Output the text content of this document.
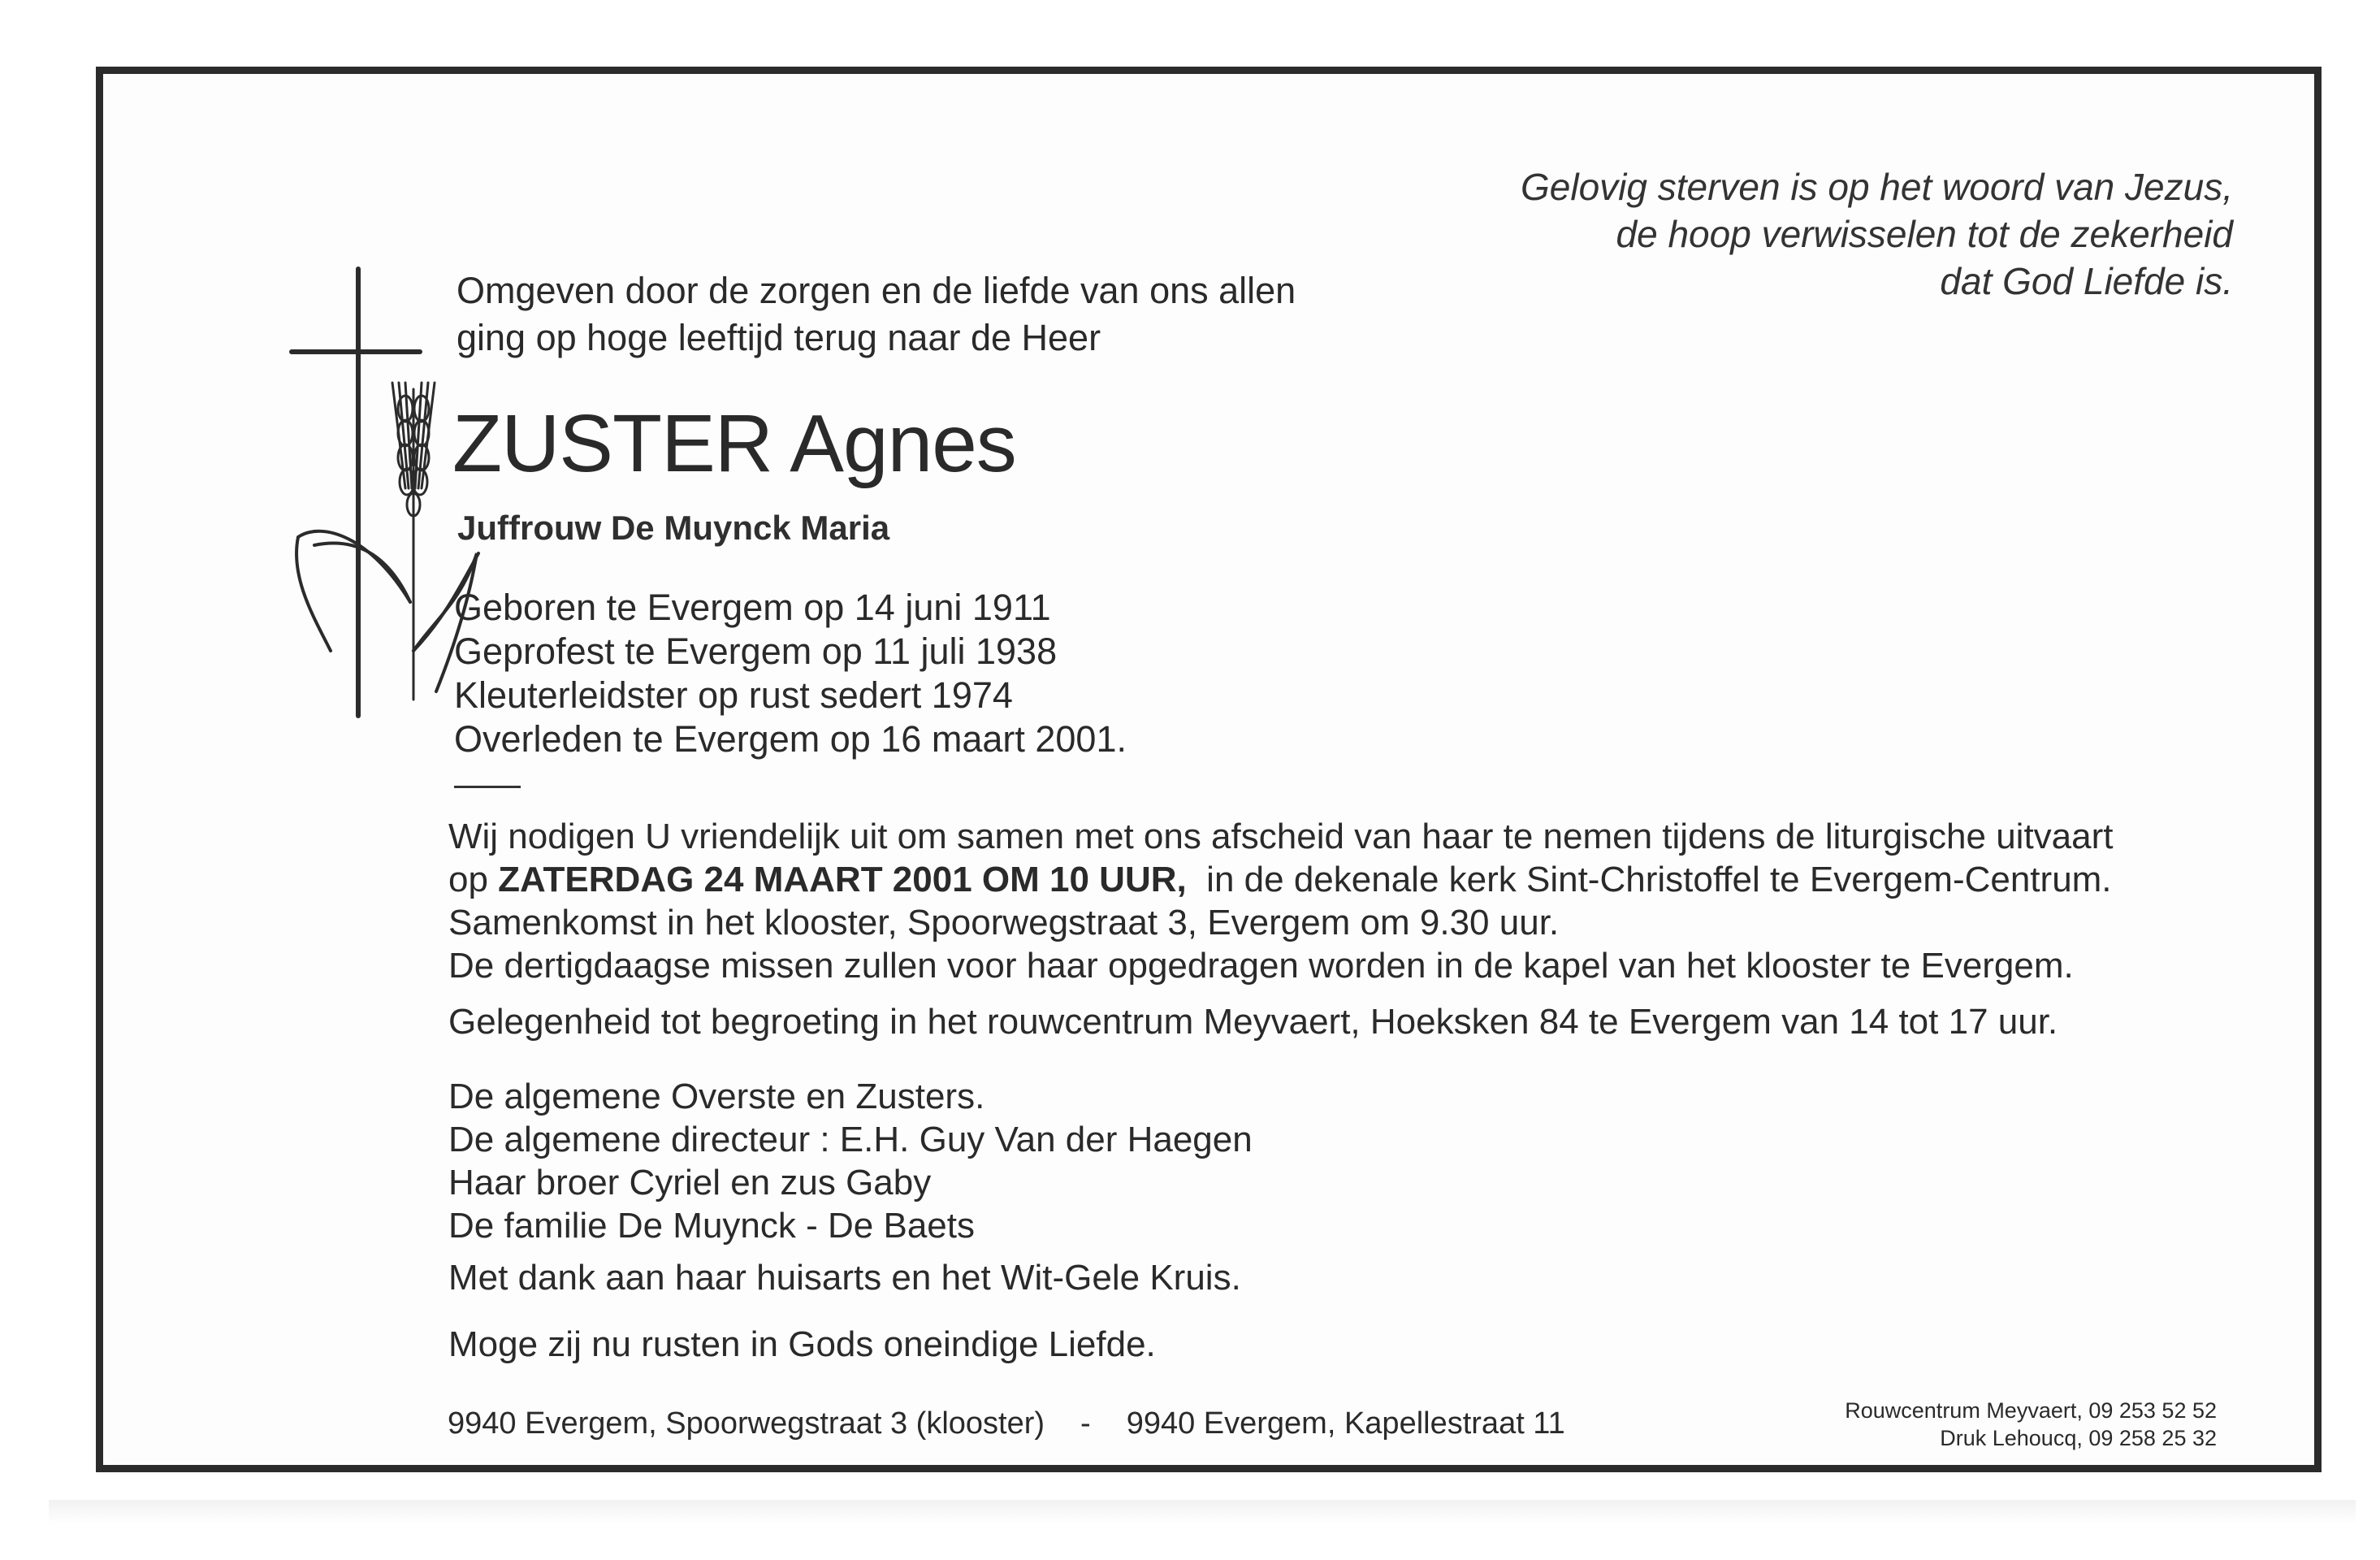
Gelovig sterven is op het woord van Jezus,
de hoop verwisselen tot de zekerheid
dat God Liefde is.
Omgeven door de zorgen en de liefde van ons allen
ging op hoge leeftijd terug naar de Heer
ZUSTER Agnes
Juffrouw De Muynck Maria
Geboren te Evergem op 14 juni 1911
Geprofest te Evergem op 11 juli 1938
Kleuterleidster op rust sedert 1974
Overleden te Evergem op 16 maart 2001.
Wij nodigen U vriendelijk uit om samen met ons afscheid van haar te nemen tijdens de liturgische uitvaart
op ZATERDAG 24 MAART 2001 OM 10 UUR,  in de dekenale kerk Sint-Christoffel te Evergem-Centrum.
Samenkomst in het klooster, Spoorwegstraat 3, Evergem om 9.30 uur.
De dertigdaagse missen zullen voor haar opgedragen worden in de kapel van het klooster te Evergem.
Gelegenheid tot begroeting in het rouwcentrum Meyvaert, Hoeksken 84 te Evergem van 14 tot 17 uur.
De algemene Overste en Zusters.
De algemene directeur : E.H. Guy Van der Haegen
Haar broer Cyriel en zus Gaby
De familie De Muynck - De Baets
Met dank aan haar huisarts en het Wit-Gele Kruis.
Moge zij nu rusten in Gods oneindige Liefde.
9940 Evergem, Spoorwegstraat 3 (klooster) - 9940 Evergem, Kapellestraat 11	Rouwcentrum Meyvaert, 09 253 52 52
Druk Lehoucq, 09 258 25 32
